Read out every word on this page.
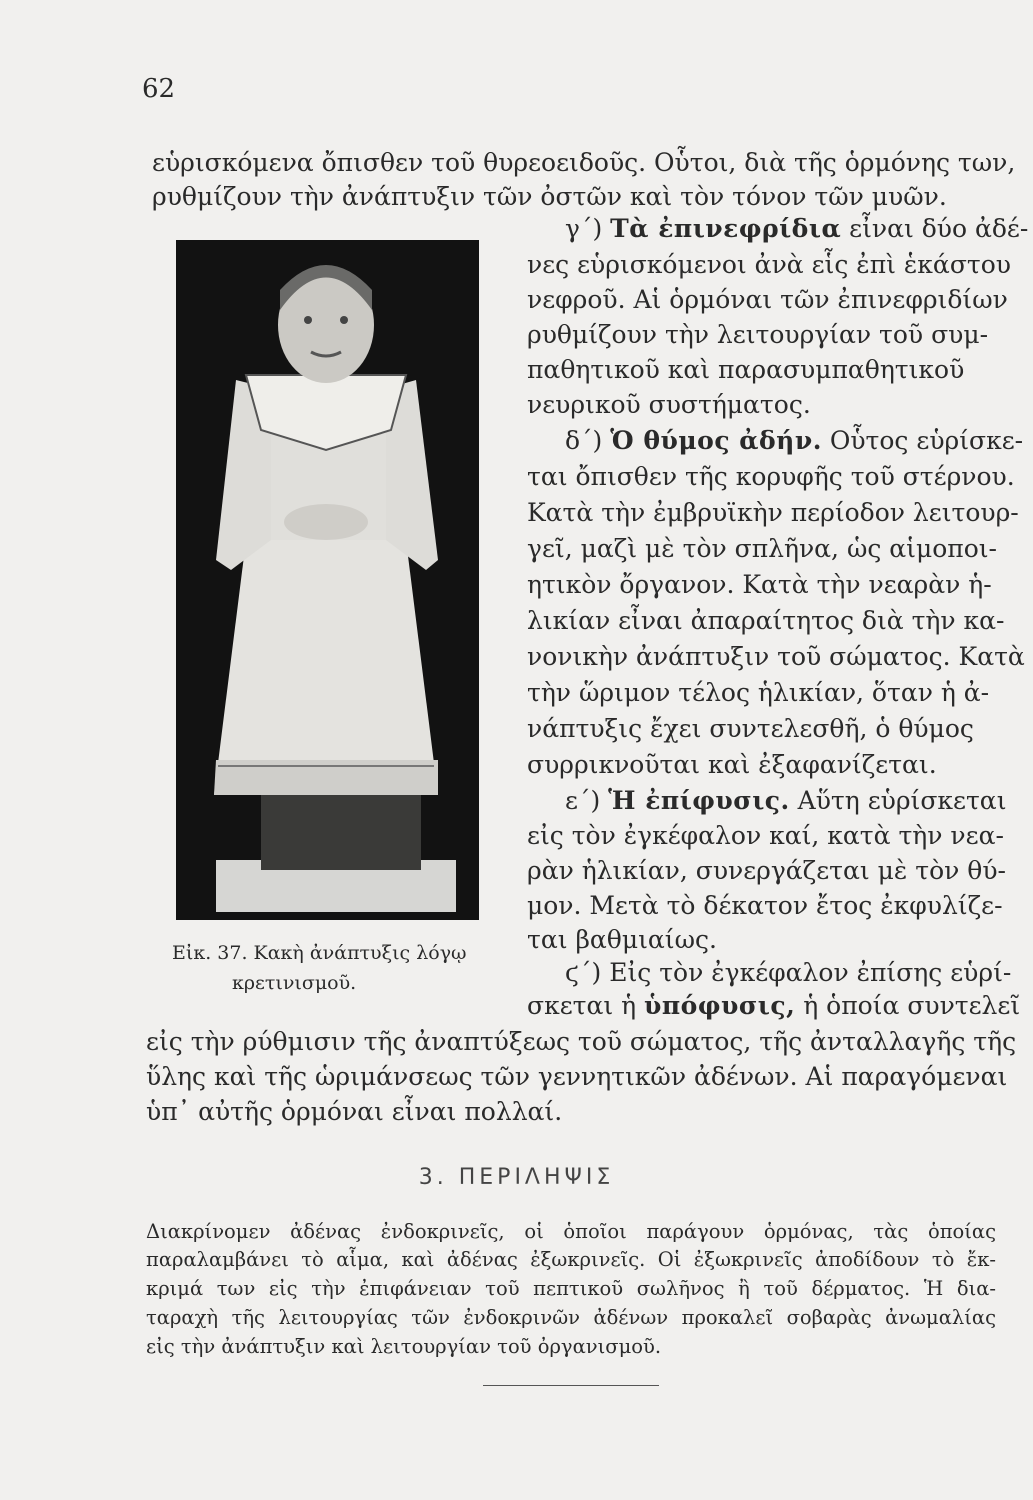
62
εὑρισκόμενα ὄπισθεν τοῦ θυρεοειδοῦς. Οὗτοι, διὰ τῆς ὁρμόνης των,
ρυθμίζουν τὴν ἀνάπτυξιν τῶν ὀστῶν καὶ τὸν τόνον τῶν μυῶν.
Εἰκ. 37. Κακὴ ἀνάπτυξις λόγῳ
κρετινισμοῦ.
γ΄) Τὰ ἐπινεφρίδια εἶναι δύο ἀδέ-
νες εὑρισκόμενοι ἀνὰ εἷς ἐπὶ ἑκάστου
νεφροῦ. Αἱ ὁρμόναι τῶν ἐπινεφριδίων
ρυθμίζουν τὴν λειτουργίαν τοῦ συμ-
παθητικοῦ καὶ παρασυμπαθητικοῦ
νευρικοῦ συστήματος.
δ΄) Ὁ θύμος ἀδήν. Οὗτος εὑρίσκε-
ται ὄπισθεν τῆς κορυφῆς τοῦ στέρνου.
Κατὰ τὴν ἐμβρυϊκὴν περίοδον λειτουρ-
γεῖ, μαζὶ μὲ τὸν σπλῆνα, ὡς αἱμοποι-
ητικὸν ὄργανον. Κατὰ τὴν νεαρὰν ἡ-
λικίαν εἶναι ἀπαραίτητος διὰ τὴν κα-
νονικὴν ἀνάπτυξιν τοῦ σώματος. Κατὰ
τὴν ὥριμον τέλος ἡλικίαν, ὅταν ἡ ἀ-
νάπτυξις ἔχει συντελεσθῆ, ὁ θύμος
συρρικνοῦται καὶ ἐξαφανίζεται.
ε΄) Ἡ ἐπίφυσις. Αὕτη εὑρίσκεται
εἰς τὸν ἐγκέφαλον καί, κατὰ τὴν νεα-
ρὰν ἡλικίαν, συνεργάζεται μὲ τὸν θύ-
μον. Μετὰ τὸ δέκατον ἔτος ἐκφυλίζε-
ται βαθμιαίως.
ϛ΄) Εἰς τὸν ἐγκέφαλον ἐπίσης εὑρί-
σκεται ἡ ὑπόφυσις, ἡ ὁποία συντελεῖ
εἰς τὴν ρύθμισιν τῆς ἀναπτύξεως τοῦ σώματος, τῆς ἀνταλλαγῆς τῆς
ὕλης καὶ τῆς ὡριμάνσεως τῶν γεννητικῶν ἀδένων. Αἱ παραγόμεναι
ὑπ᾿ αὐτῆς ὁρμόναι εἶναι πολλαί.
3. ΠΕΡΙΛΗΨΙΣ
Διακρίνομεν ἀδένας ἐνδοκρινεῖς, οἱ ὁποῖοι παράγουν ὁρμόνας, τὰς ὁποίας
παραλαμβάνει τὸ αἷμα, καὶ ἀδένας ἐξωκρινεῖς. Οἱ ἐξωκρινεῖς ἀποδίδουν τὸ ἔκ-
κριμά των εἰς τὴν ἐπιφάνειαν τοῦ πεπτικοῦ σωλῆνος ἢ τοῦ δέρματος. Ἡ δια-
ταραχὴ τῆς λειτουργίας τῶν ἐνδοκρινῶν ἀδένων προκαλεῖ σοβαρὰς ἀνωμαλίας
εἰς τὴν ἀνάπτυξιν καὶ λειτουργίαν τοῦ ὀργανισμοῦ.
